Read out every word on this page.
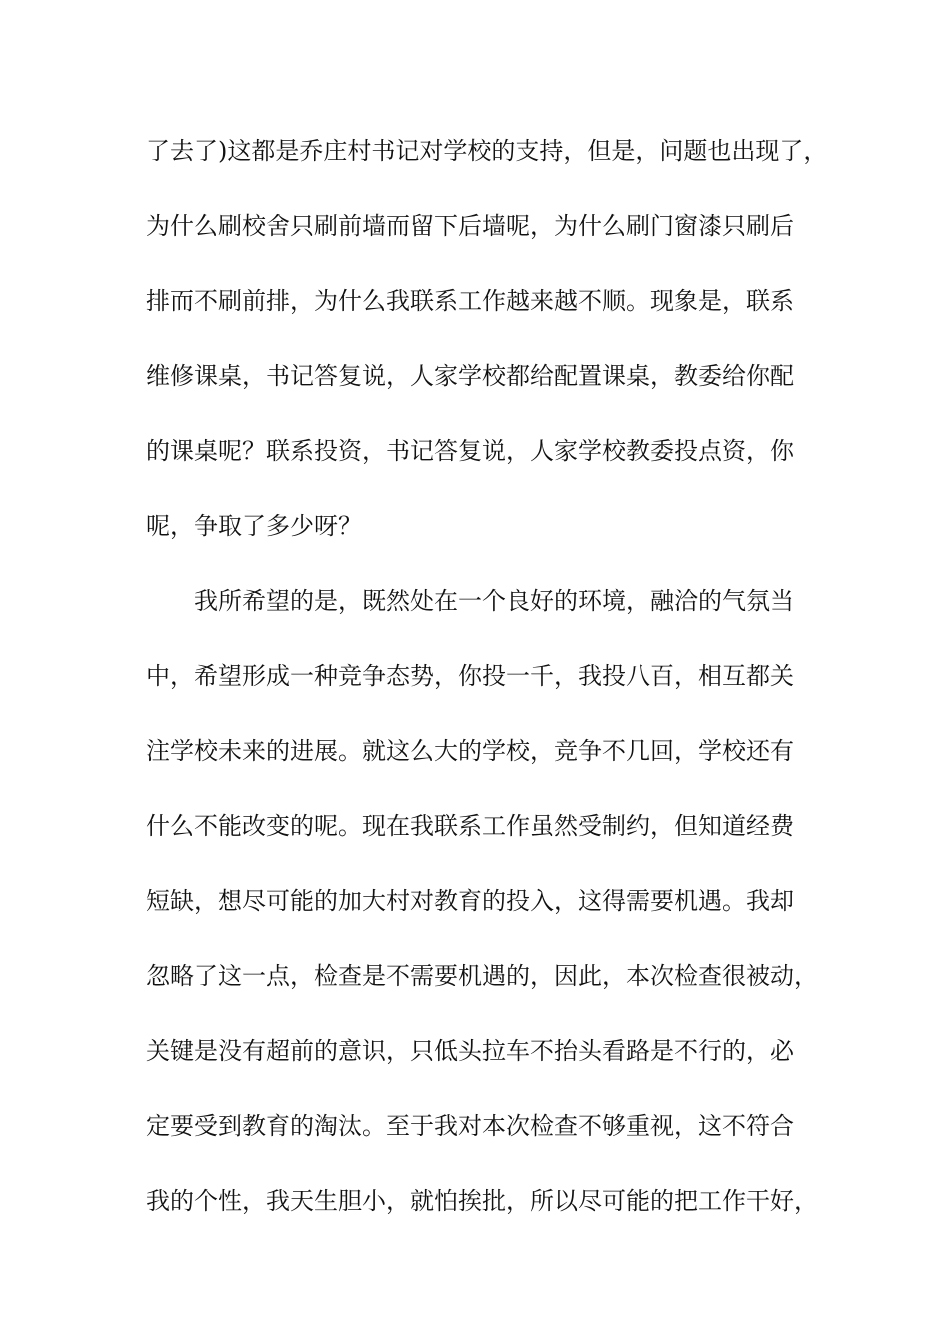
了去了)这都是乔庄村书记对学校的支持，但是，问题也出现了，
为什么刷校舍只刷前墙而留下后墙呢，为什么刷门窗漆只刷后
排而不刷前排，为什么我联系工作越来越不顺。现象是，联系
维修课桌，书记答复说，人家学校都给配置课桌，教委给你配
的课桌呢？联系投资，书记答复说，人家学校教委投点资，你
呢，争取了多少呀？
我所希望的是，既然处在一个良好的环境，融洽的气氛当
中，希望形成一种竞争态势，你投一千，我投八百，相互都关
注学校未来的进展。就这么大的学校，竞争不几回，学校还有
什么不能改变的呢。现在我联系工作虽然受制约，但知道经费
短缺，想尽可能的加大村对教育的投入，这得需要机遇。我却
忽略了这一点，检查是不需要机遇的，因此，本次检查很被动，
关键是没有超前的意识，只低头拉车不抬头看路是不行的，必
定要受到教育的淘汰。至于我对本次检查不够重视，这不符合
我的个性，我天生胆小，就怕挨批，所以尽可能的把工作干好，
